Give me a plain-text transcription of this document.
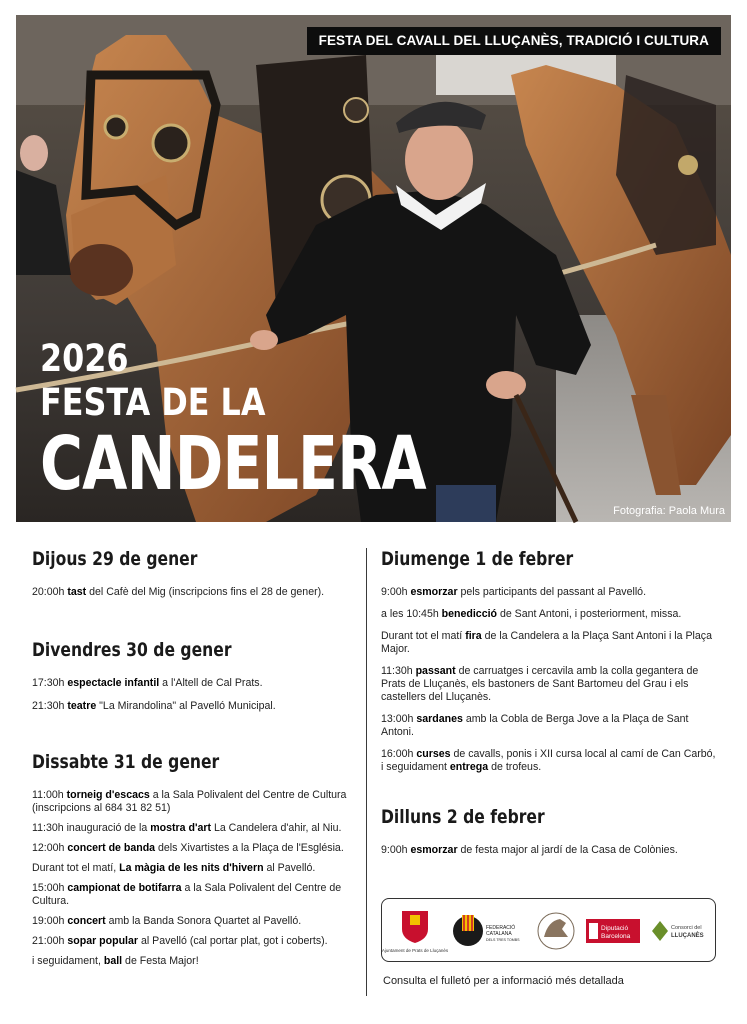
FESTA DEL CAVALL DEL LLUÇANÈS, TRADICIÓ I CULTURA
2026
FESTA DE LA
CANDELERA
Fotografia: Paola Mura
Dijous 29 de gener

20:00h tast del Cafè del Mig (inscripcions fins el 28 de gener).

Divendres 30 de gener

17:30h espectacle infantil a l'Altell de Cal Prats.

21:30h teatre "La Mirandolina" al Pavelló Municipal.

Dissabte 31 de gener

11:00h torneig d'escacs a la Sala Polivalent del Centre de Cultura (inscripcions al 684 31 82 51)

11:30h inauguració de la mostra d'art La Candelera d'ahir, al Niu.

12:00h concert de banda dels Xivartistes a la Plaça de l'Església.

Durant tot el matí, La màgia de les nits d'hivern al Pavelló.

15:00h campionat de botifarra a la Sala Polivalent del Centre de Cultura.

19:00h concert amb la Banda Sonora Quartet al Pavelló.

21:00h sopar popular al Pavelló (cal portar plat, got i coberts).

i seguidament, ball de Festa Major!

Diumenge 1 de febrer

9:00h esmorzar pels participants del passant al Pavelló.

a les 10:45h benedicció de Sant Antoni, i posteriorment, missa.

Durant tot el matí fira de la Candelera a la Plaça Sant Antoni i la Plaça Major.

11:30h passant de carruatges i cercavila amb la colla gegantera de Prats de Lluçanès, els bastoners de Sant Bartomeu del Grau i els castellers del Lluçanès.

13:00h sardanes amb la Cobla de Berga Jove a la Plaça de Sant Antoni.

16:00h curses de cavalls, ponis i XII cursa local al camí de Can Carbó, i seguidament entrega de trofeus.

Dilluns 2 de febrer

9:00h esmorzar de festa major al jardí de la Casa de Colònies.

Ajuntament de Prats de Lluçanès
FEDERACIÓ
CATALANA
DELS TRES TOMBS
Diputació
Barcelona
Consorci del
LLUÇANÈS
Consulta el fulletó per a informació més detallada
